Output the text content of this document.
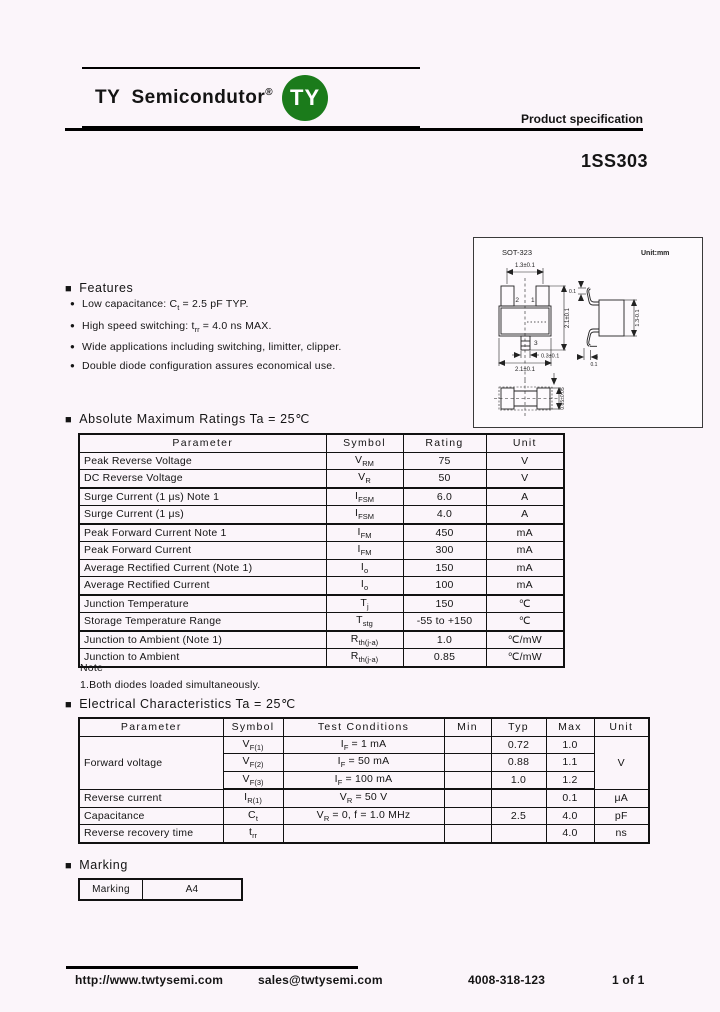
TY Semicondutor® TY
Product specification
1SS303
■ Features
● Low capacitance: $C_t = 2.5$ pF TYP.
● High speed switching: $t_{rr} = 4.0$ ns MAX.
● Wide applications including switching, limitter, clipper.
● Double diode configuration assures economical use.
SOT-323	Unit:mm
1.3±0.1
2 1
3
2.1±0.1
0.3±0.1
2.1±0.1
1.3-0.1
0.1
0.1
0.65±0.05
■ Absolute Maximum Ratings Ta = 25℃
Parameter	Symbol	Rating	Unit
Peak Reverse Voltage	$V_{RM}$	75	V
DC Reverse Voltage	$V_R$	50	V
Surge Current (1 μs) Note 1	$I_{FSM}$	6.0	A
Surge Current (1 μs)	$I_{FSM}$	4.0	A
Peak Forward Current Note 1	$I_{FM}$	450	mA
Peak Forward Current	$I_{FM}$	300	mA
Average Rectified Current (Note 1)	$I_o$	150	mA
Average Rectified Current	$I_o$	100	mA
Junction Temperature	$T_j$	150	℃
Storage Temperature Range	$T_{stg}$	-55 to +150	℃
Junction to Ambient (Note 1)	$R_{th(j-a)}$	1.0	℃/mW
Junction to Ambient	$R_{th(j-a)}$	0.85	℃/mW
Note
1.Both diodes loaded simultaneously.
■ Electrical Characteristics Ta = 25℃
Parameter	Symbol	Test Conditions	Min	Typ	Max	Unit
Forward voltage	$V_{F(1)}$	$I_F = 1$ mA		0.72	1.0	V
	$V_{F(2)}$	$I_F = 50$ mA		0.88	1.1	
	$V_{F(3)}$	$I_F = 100$ mA		1.0	1.2	
Reverse current	$I_{R(1)}$	$V_R = 50$ V			0.1	μA
Capacitance	$C_t$	$V_R = 0$, f = 1.0 MHz		2.5	4.0	pF
Reverse recovery time	$t_{rr}$				4.0	ns
■ Marking
Marking	A4
http://www.twtysemi.com	sales@twtysemi.com	4008-318-123	1 of 1
